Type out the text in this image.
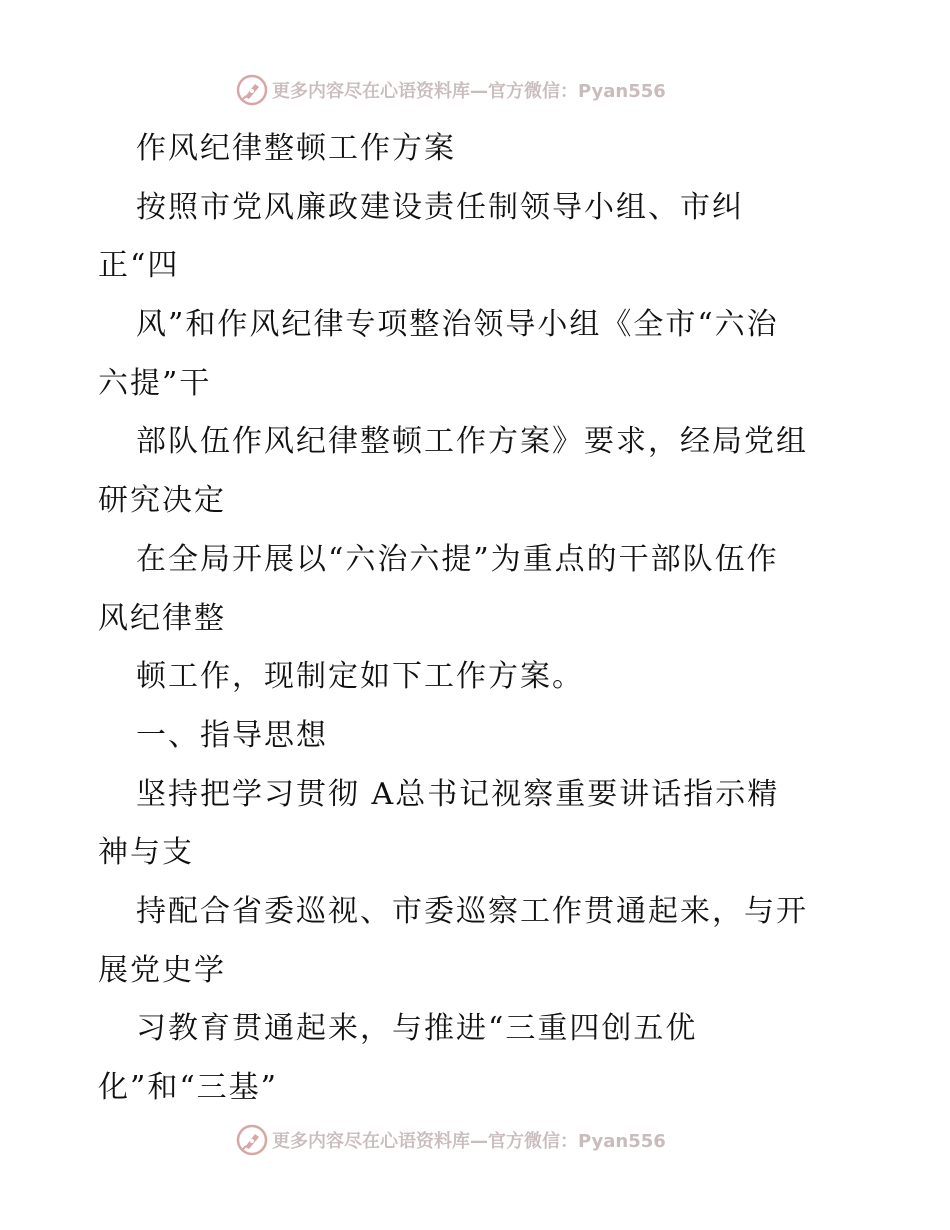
更多内容尽在心语资料库—官方微信：Pyan556
作风纪律整顿工作方案
按照市党风廉政建设责任制领导小组、市纠
正“四
风”和作风纪律专项整治领导小组《全市“六治
六提”干
部队伍作风纪律整顿工作方案》要求，经局党组
研究决定
在全局开展以“六治六提”为重点的干部队伍作
风纪律整
顿工作，现制定如下工作方案。
一、指导思想
坚持把学习贯彻 A总书记视察重要讲话指示精
神与支
持配合省委巡视、市委巡察工作贯通起来，与开
展党史学
习教育贯通起来，与推进“三重四创五优
化”和“三基”
更多内容尽在心语资料库—官方微信：Pyan556
